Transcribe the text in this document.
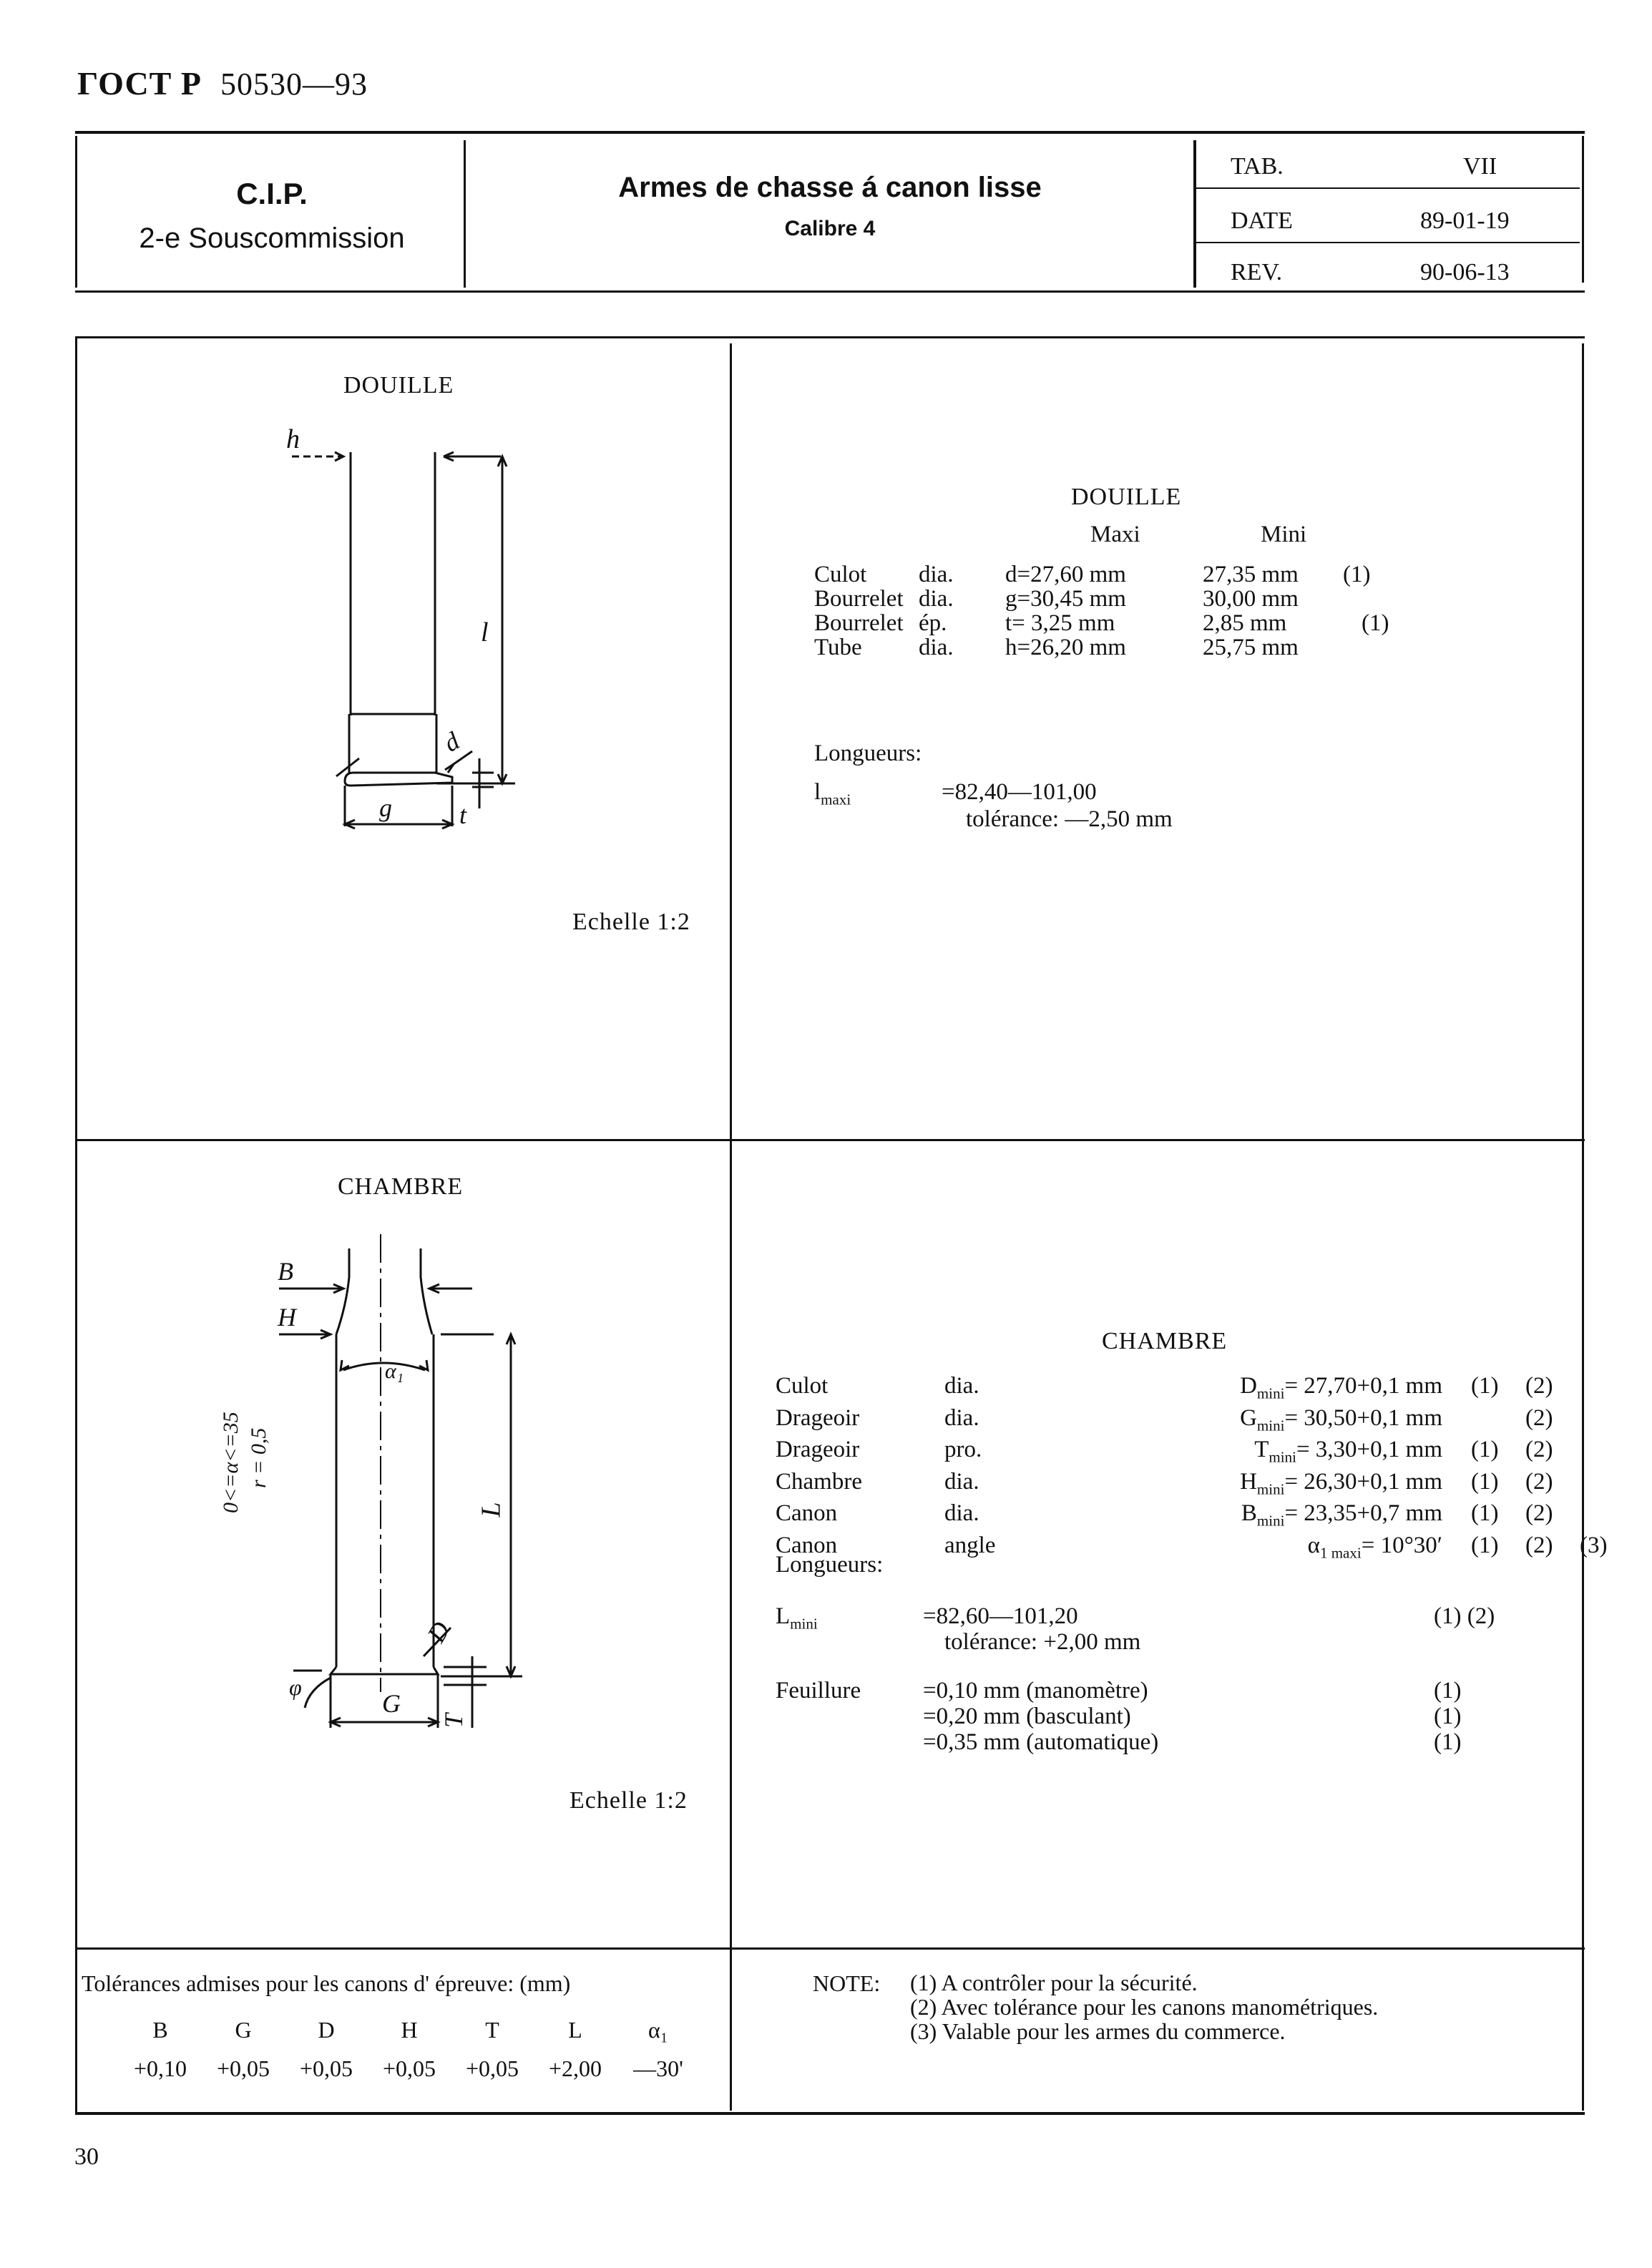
ГОСТ Р 50530—93
C.I.P.
2-e Souscommission
Armes de chasse á canon lisse
Calibre 4
TAB.	VII
DATE	89-01-19
REV.	90-06-13
DOUILLE
h
l
d
g	t
Echelle 1:2
DOUILLE
Maxi	Mini
Culot	dia.	d=27,60 mm	27,35 mm	(1)
Bourrelet	dia.	g=30,45 mm	30,00 mm	
Bourrelet	ép.	t= 3,25 mm	2,85 mm	(1)
Tube	dia.	h=26,20 mm	25,75 mm	
Longueurs:
$l_{maxi}$	=82,40—101,00
tolérance: —2,50 mm
CHAMBRE
B
H
α₁
L
D
G
T
φ
0<=α<=35 r = 0,5
Echelle 1:2
CHAMBRE
Culot	dia.	$D_{mini}= 27,70+0,1$ mm	(1)	(2)	
Drageoir	dia.	$G_{mini}= 30,50+0,1$ mm		(2)	
Drageoir	pro.	$T_{mini}= 3,30+0,1$ mm	(1)	(2)	
Chambre	dia.	$H_{mini}= 26,30+0,1$ mm	(1)	(2)	
Canon	dia.	$B_{mini}= 23,35+0,7$ mm	(1)	(2)	
Canon	angle	$\alpha_{1 maxi}= 10^\circ 30'$	(1)	(2)	(3)
Longueurs:
$L_{mini}$	=82,60—101,20	(1) (2)
tolérance: +2,00 mm
Feuillure	=0,10 mm (manomètre)	(1)
=0,20 mm (basculant)	(1)
=0,35 mm (automatique)	(1)
Tolérances admises pour les canons d' épreuve: (mm)
B	G	D	H	T	L	α₁
+0,10	+0,05	+0,05	+0,05	+0,05	+2,00	—30'
NOTE: (1) A contrôler pour la sécurité.
(2) Avec tolérance pour les canons manométriques.
(3) Valable pour les armes du commerce.
30
